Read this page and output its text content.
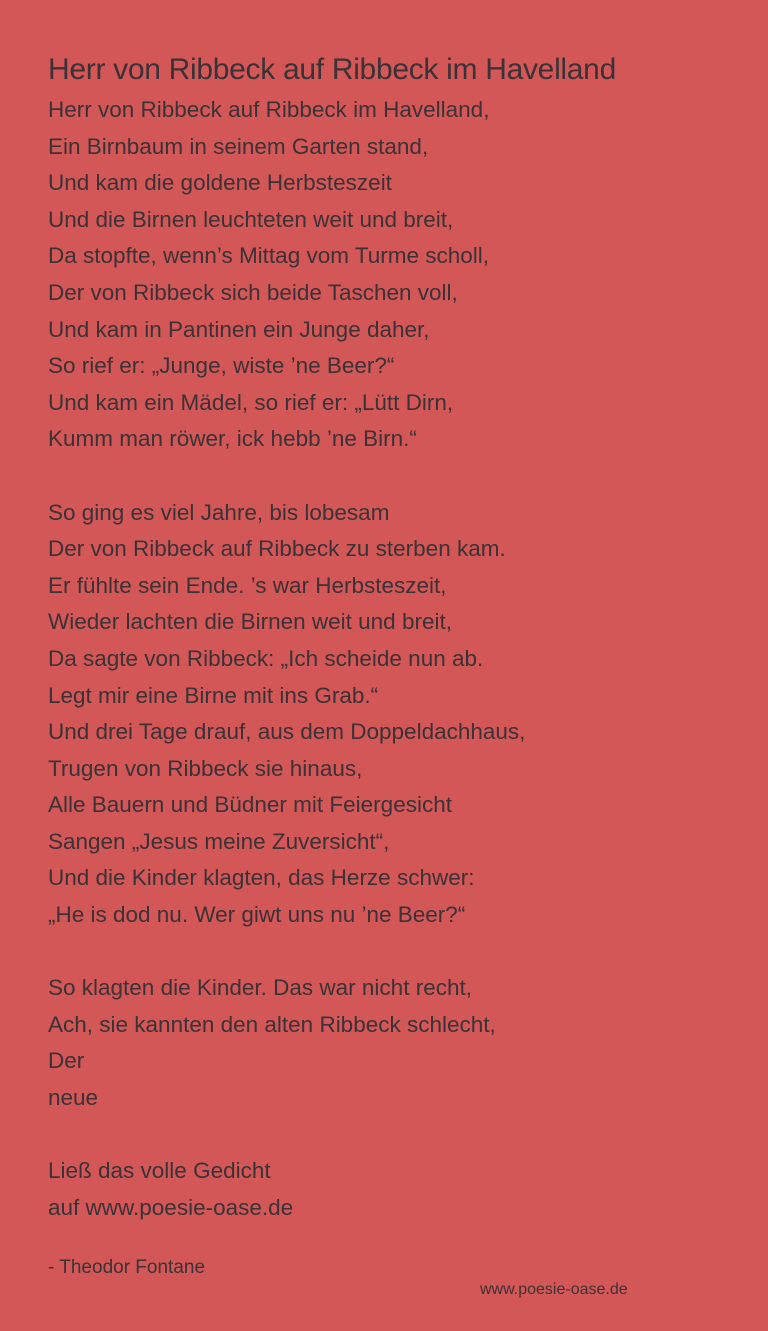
Herr von Ribbeck auf Ribbeck im Havelland
Herr von Ribbeck auf Ribbeck im Havelland,
Ein Birnbaum in seinem Garten stand,
Und kam die goldene Herbsteszeit
Und die Birnen leuchteten weit und breit,
Da stopfte, wenn’s Mittag vom Turme scholl,
Der von Ribbeck sich beide Taschen voll,
Und kam in Pantinen ein Junge daher,
So rief er: „Junge, wiste ’ne Beer?“
Und kam ein Mädel, so rief er: „Lütt Dirn,
Kumm man röwer, ick hebb ’ne Birn.“
So ging es viel Jahre, bis lobesam
Der von Ribbeck auf Ribbeck zu sterben kam.
Er fühlte sein Ende. ’s war Herbsteszeit,
Wieder lachten die Birnen weit und breit,
Da sagte von Ribbeck: „Ich scheide nun ab.
Legt mir eine Birne mit ins Grab.“
Und drei Tage drauf, aus dem Doppeldachhaus,
Trugen von Ribbeck sie hinaus,
Alle Bauern und Büdner mit Feiergesicht
Sangen „Jesus meine Zuversicht“,
Und die Kinder klagten, das Herze schwer:
„He is dod nu. Wer giwt uns nu ’ne Beer?“
So klagten die Kinder. Das war nicht recht,
Ach, sie kannten den alten Ribbeck schlecht,
Der
neue
Ließ das volle Gedicht
auf www.poesie-oase.de
- Theodor Fontane
www.poesie-oase.de
